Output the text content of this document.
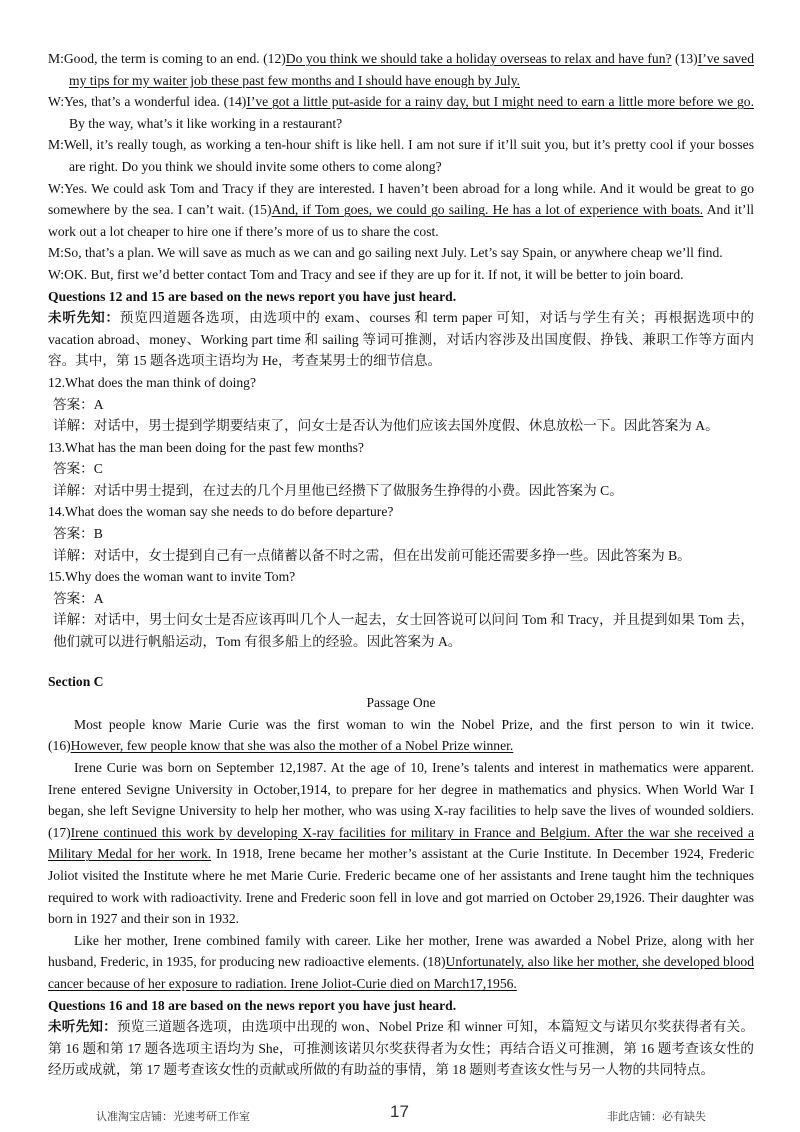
M:Good, the term is coming to an end. (12)Do you think we should take a holiday overseas to relax and have fun? (13)I’ve saved my tips for my waiter job these past few months and I should have enough by July.

W:Yes, that’s a wonderful idea. (14)I’ve got a little put-aside for a rainy day, but I might need to earn a little more before we go. By the way, what’s it like working in a restaurant?

M:Well, it’s really tough, as working a ten-hour shift is like hell. I am not sure if it’ll suit you, but it’s pretty cool if your bosses are right. Do you think we should invite some others to come along?

W:Yes. We could ask Tom and Tracy if they are interested. I haven’t been abroad for a long while. And it would be great to go somewhere by the sea. I can’t wait. (15)And, if Tom goes, we could go sailing. He has a lot of experience with boats. And it’ll work out a lot cheaper to hire one if there’s more of us to share the cost.

M:So, that’s a plan. We will save as much as we can and go sailing next July. Let’s say Spain, or anywhere cheap we’ll find.

W:OK. But, first we’d better contact Tom and Tracy and see if they are up for it. If not, it will be better to join board.

Questions 12 and 15 are based on the news report you have just heard.

未听先知：预览四道题各选项，由选项中的 exam、courses 和 term paper 可知，对话与学生有关；再根据选项中的 vacation abroad、money、Working part time 和 sailing 等词可推测，对话内容涉及出国度假、挣钱、兼职工作等方面内容。其中，第 15 题各选项主语均为 He，考查某男士的细节信息。

12.What does the man think of doing?

答案：A

详解：对话中，男士提到学期要结束了，问女士是否认为他们应该去国外度假、休息放松一下。因此答案为 A。

13.What has the man been doing for the past few months?

答案：C

详解：对话中男士提到，在过去的几个月里他已经攒下了做服务生挣得的小费。因此答案为 C。

14.What does the woman say she needs to do before departure?

答案：B

详解：对话中，女士提到自己有一点储蓄以备不时之需，但在出发前可能还需要多挣一些。因此答案为 B。

15.Why does the woman want to invite Tom?

答案：A

详解：对话中，男士问女士是否应该再叫几个人一起去，女士回答说可以问问 Tom 和 Tracy，并且提到如果 Tom 去，他们就可以进行帆船运动，Tom 有很多船上的经验。因此答案为 A。

Section C

Passage One

Most people know Marie Curie was the first woman to win the Nobel Prize, and the first person to win it twice. (16)However, few people know that she was also the mother of a Nobel Prize winner.

Irene Curie was born on September 12,1987. At the age of 10, Irene’s talents and interest in mathematics were apparent. Irene entered Sevigne University in October,1914, to prepare for her degree in mathematics and physics. When World War I began, she left Sevigne University to help her mother, who was using X-ray facilities to help save the lives of wounded soldiers. (17)Irene continued this work by developing X-ray facilities for military in France and Belgium. After the war she received a Military Medal for her work. In 1918, Irene became her mother’s assistant at the Curie Institute. In December 1924, Frederic Joliot visited the Institute where he met Marie Curie. Frederic became one of her assistants and Irene taught him the techniques required to work with radioactivity. Irene and Frederic soon fell in love and got married on October 29,1926. Their daughter was born in 1927 and their son in 1932.

Like her mother, Irene combined family with career. Like her mother, Irene was awarded a Nobel Prize, along with her husband, Frederic, in 1935, for producing new radioactive elements. (18)Unfortunately, also like her mother, she developed blood cancer because of her exposure to radiation. Irene Joliot-Curie died on March17,1956.

Questions 16 and 18 are based on the news report you have just heard.

未听先知：预览三道题各选项，由选项中出现的 won、Nobel Prize 和 winner 可知，本篇短文与诺贝尔奖获得者有关。第 16 题和第 17 题各选项主语均为 She，可推测该诺贝尔奖获得者为女性；再结合语义可推测，第 16 题考查该女性的经历或成就，第 17 题考查该女性的贡献或所做的有助益的事情，第 18 题则考查该女性与另一人物的共同特点。

认准淘宝店铺：光速考研工作室	17	非此店铺：必有缺失
